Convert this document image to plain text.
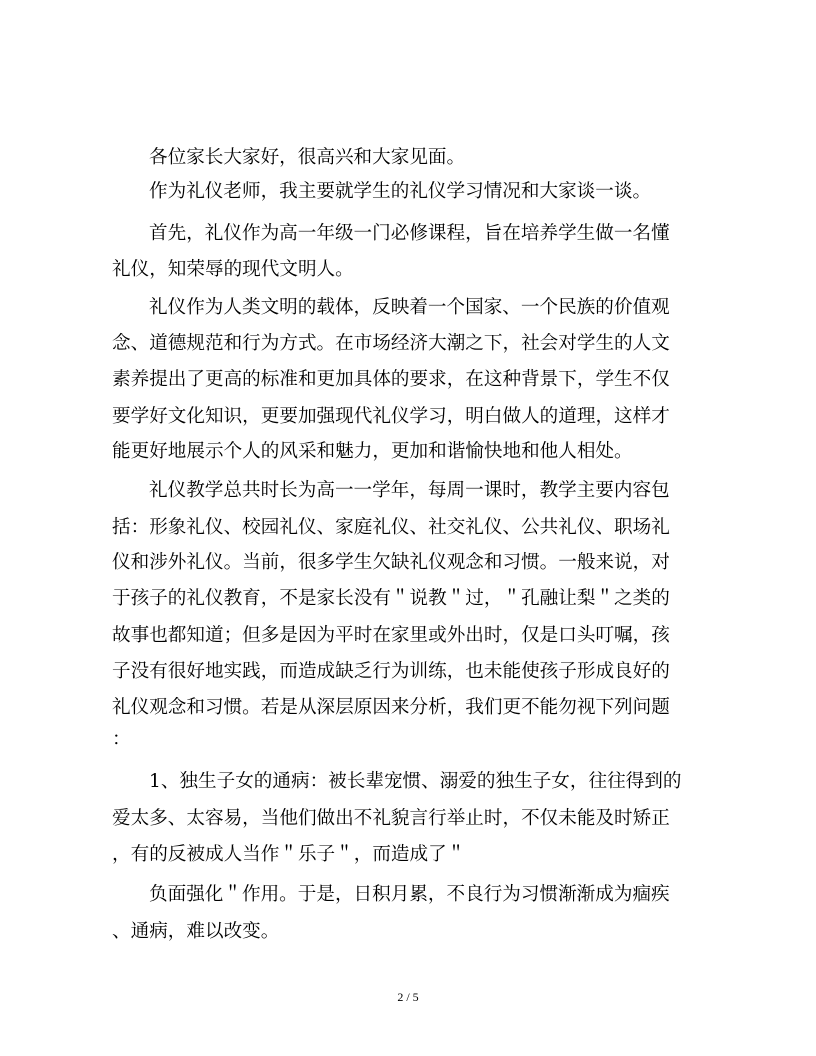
各位家长大家好，很高兴和大家见面。
作为礼仪老师，我主要就学生的礼仪学习情况和大家谈一谈。
首先，礼仪作为高一年级一门必修课程，旨在培养学生做一名懂
礼仪，知荣辱的现代文明人。
礼仪作为人类文明的载体，反映着一个国家、一个民族的价值观
念、道德规范和行为方式。在市场经济大潮之下，社会对学生的人文
素养提出了更高的标准和更加具体的要求，在这种背景下，学生不仅
要学好文化知识，更要加强现代礼仪学习，明白做人的道理，这样才
能更好地展示个人的风采和魅力，更加和谐愉快地和他人相处。
礼仪教学总共时长为高一一学年，每周一课时，教学主要内容包
括：形象礼仪、校园礼仪、家庭礼仪、社交礼仪、公共礼仪、职场礼
仪和涉外礼仪。当前，很多学生欠缺礼仪观念和习惯。一般来说，对
于孩子的礼仪教育，不是家长没有＂说教＂过，＂孔融让梨＂之类的
故事也都知道；但多是因为平时在家里或外出时，仅是口头叮嘱，孩
子没有很好地实践，而造成缺乏行为训练，也未能使孩子形成良好的
礼仪观念和习惯。若是从深层原因来分析，我们更不能勿视下列问题
：
1、独生子女的通病：被长辈宠惯、溺爱的独生子女，往往得到的
爱太多、太容易，当他们做出不礼貌言行举止时，不仅未能及时矫正
，有的反被成人当作＂乐子＂，而造成了＂
负面强化＂作用。于是，日积月累，不良行为习惯渐渐成为痼疾
、通病，难以改变。
2 / 5
